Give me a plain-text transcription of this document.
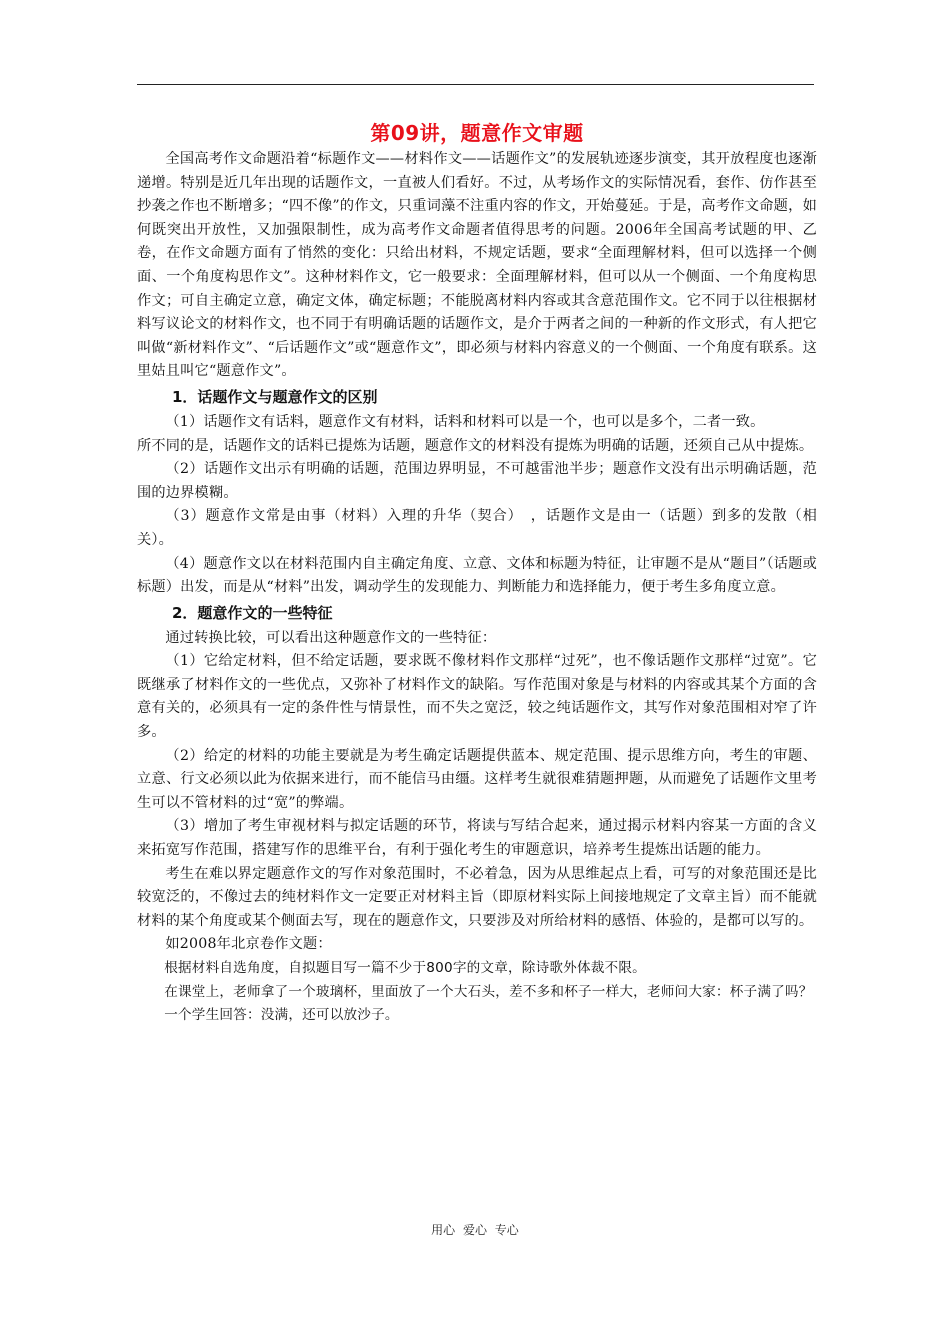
第09讲，题意作文审题

全国高考作文命题沿着“标题作文——材料作文——话题作文”的发展轨迹逐步演变，其开放程度也逐渐递增。特别是近几年出现的话题作文，一直被人们看好。不过，从考场作文的实际情况看，套作、仿作甚至抄袭之作也不断增多；“四不像”的作文，只重词藻不注重内容的作文，开始蔓延。于是，高考作文命题，如何既突出开放性，又加强限制性，成为高考作文命题者值得思考的问题。2006年全国高考试题的甲、乙卷，在作文命题方面有了悄然的变化：只给出材料，不规定话题，要求“全面理解材料，但可以选择一个侧面、一个角度构思作文”。这种材料作文，它一般要求：全面理解材料，但可以从一个侧面、一个角度构思作文；可自主确定立意，确定文体，确定标题；不能脱离材料内容或其含意范围作文。它不同于以往根据材料写议论文的材料作文，也不同于有明确话题的话题作文，是介于两者之间的一种新的作文形式，有人把它叫做“新材料作文”、“后话题作文”或“题意作文”，即必须与材料内容意义的一个侧面、一个角度有联系。这里姑且叫它“题意作文”。

1．话题作文与题意作文的区别

（1）话题作文有话料，题意作文有材料，话料和材料可以是一个，也可以是多个，二者一致。

所不同的是，话题作文的话料已提炼为话题，题意作文的材料没有提炼为明确的话题，还须自己从中提炼。

（2）话题作文出示有明确的话题，范围边界明显，不可越雷池半步；题意作文没有出示明确话题，范围的边界模糊。

（3）题意作文常是由事（材料）入理的升华（契合）　，话题作文是由一（话题）到多的发散（相关）。

（4）题意作文以在材料范围内自主确定角度、立意、文体和标题为特征，让审题不是从“题目”（话题或标题）出发，而是从“材料”出发，调动学生的发现能力、判断能力和选择能力，便于考生多角度立意。

2．题意作文的一些特征

通过转换比较，可以看出这种题意作文的一些特征：

（1）它给定材料，但不给定话题，要求既不像材料作文那样“过死”，也不像话题作文那样“过宽”。它既继承了材料作文的一些优点，又弥补了材料作文的缺陷。写作范围对象是与材料的内容或其某个方面的含意有关的，必须具有一定的条件性与情景性，而不失之宽泛，较之纯话题作文，其写作对象范围相对窄了许多。

（2）给定的材料的功能主要就是为考生确定话题提供蓝本、规定范围、提示思维方向，考生的审题、立意、行文必须以此为依据来进行，而不能信马由缰。这样考生就很难猜题押题，从而避免了话题作文里考生可以不管材料的过“宽”的弊端。

（3）增加了考生审视材料与拟定话题的环节，将读与写结合起来，通过揭示材料内容某一方面的含义来拓宽写作范围，搭建写作的思维平台，有利于强化考生的审题意识，培养考生提炼出话题的能力。

考生在难以界定题意作文的写作对象范围时，不必着急，因为从思维起点上看，可写的对象范围还是比较宽泛的，不像过去的纯材料作文一定要正对材料主旨（即原材料实际上间接地规定了文章主旨）而不能就材料的某个角度或某个侧面去写，现在的题意作文，只要涉及对所给材料的感悟、体验的，是都可以写的。

如2008年北京卷作文题：

根据材料自选角度，自拟题目写一篇不少于800字的文章，除诗歌外体裁不限。

在课堂上，老师拿了一个玻璃杯，里面放了一个大石头，差不多和杯子一样大，老师问大家：杯子满了吗？

一个学生回答：没满，还可以放沙子。

用心 爱心 专心
